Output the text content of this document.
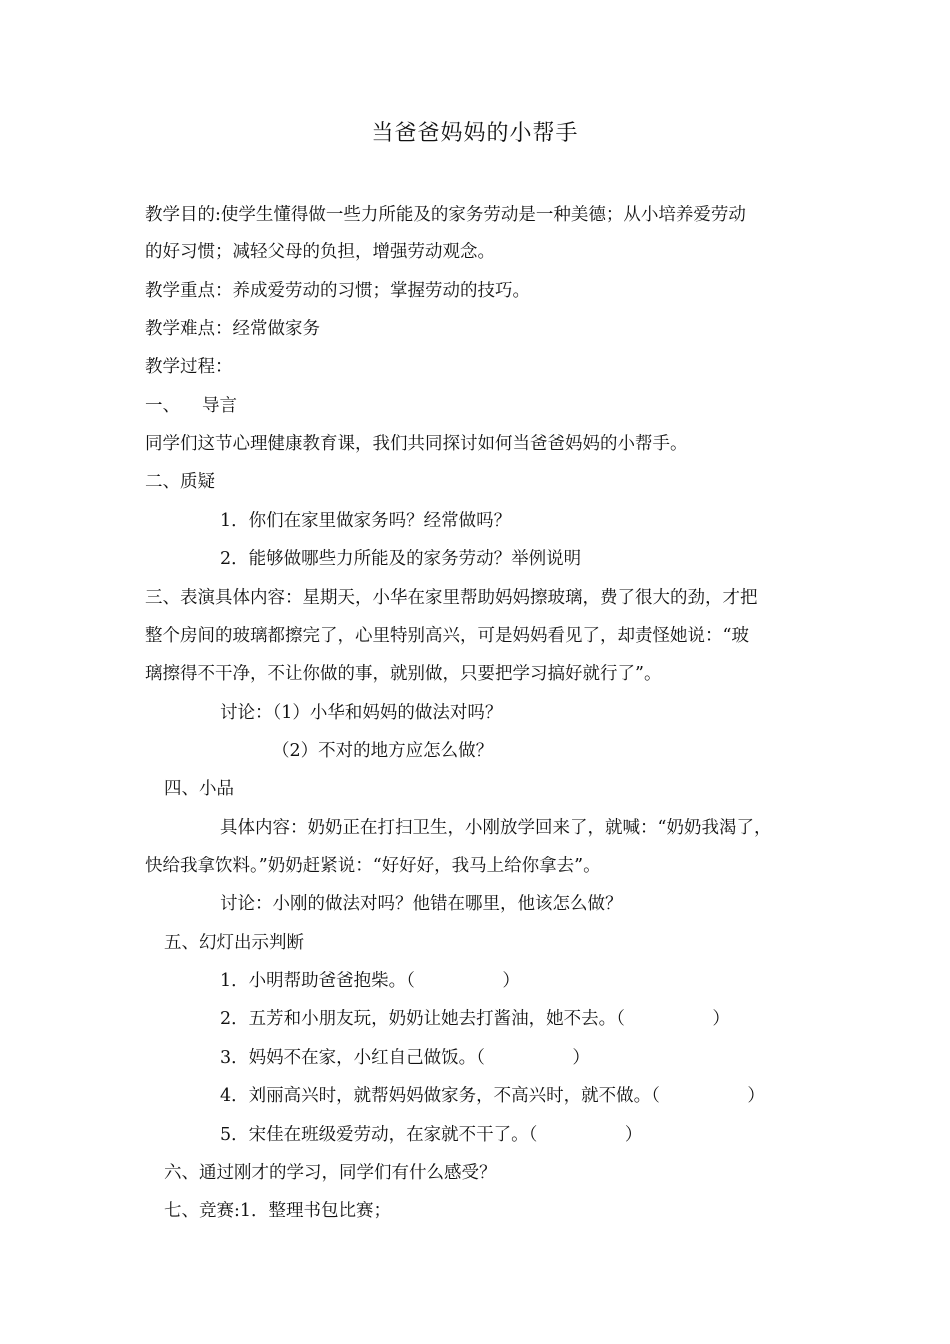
当爸爸妈妈的小帮手
教学目的:使学生懂得做一些力所能及的家务劳动是一种美德；从小培养爱劳动
的好习惯；减轻父母的负担，增强劳动观念。
教学重点：养成爱劳动的习惯；掌握劳动的技巧。
教学难点：经常做家务
教学过程：
一、 导言
同学们这节心理健康教育课，我们共同探讨如何当爸爸妈妈的小帮手。
二、质疑
1．你们在家里做家务吗？经常做吗？
2．能够做哪些力所能及的家务劳动？举例说明
三、表演具体内容：星期天，小华在家里帮助妈妈擦玻璃，费了很大的劲，才把
整个房间的玻璃都擦完了，心里特别高兴，可是妈妈看见了，却责怪她说：“玻
璃擦得不干净，不让你做的事，就别做，只要把学习搞好就行了”。
讨论：（1）小华和妈妈的做法对吗？
（2）不对的地方应怎么做？
四、小品
具体内容：奶奶正在打扫卫生，小刚放学回来了，就喊：“奶奶我渴了，
快给我拿饮料。”奶奶赶紧说：“好好好，我马上给你拿去”。
讨论：小刚的做法对吗？他错在哪里，他该怎么做？
五、幻灯出示判断
1．小明帮助爸爸抱柴。（　　　　　）
2．五芳和小朋友玩，奶奶让她去打酱油，她不去。（　　　　　）
3．妈妈不在家，小红自己做饭。（　　　　　）
4．刘丽高兴时，就帮妈妈做家务，不高兴时，就不做。（　　　　　）
5．宋佳在班级爱劳动，在家就不干了。（　　　　　）
六、通过刚才的学习，同学们有什么感受？
七、竞赛:1．整理书包比赛；
